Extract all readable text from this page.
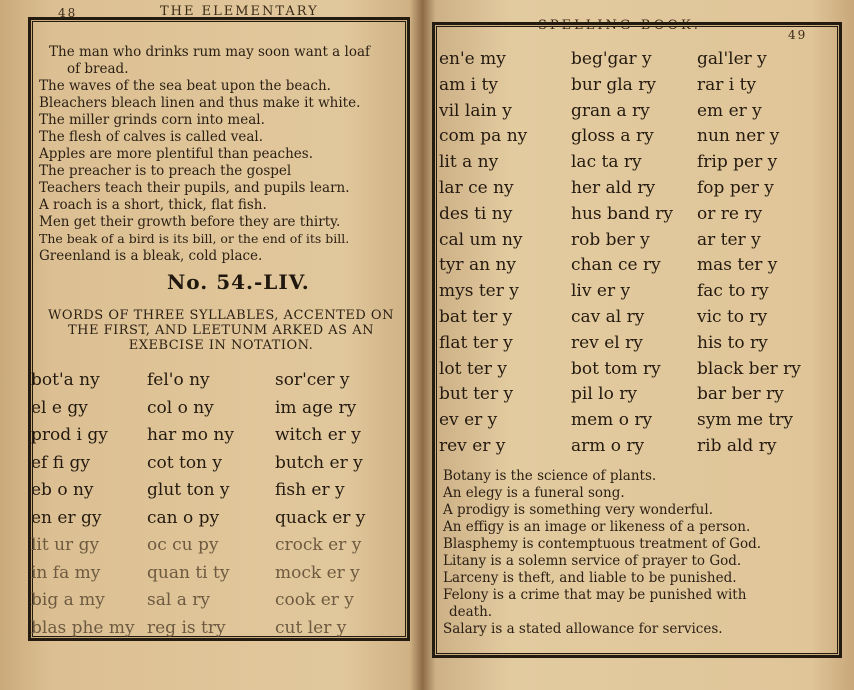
48	THE ELEMENTARY
The man who drinks rum may soon want a loaf
of bread.
The waves of the sea beat upon the beach.
Bleachers bleach linen and thus make it white.
The miller grinds corn into meal.
The flesh of calves is called veal.
Apples are more plentiful than peaches.
The preacher is to preach the gospel
Teachers teach their pupils, and pupils learn.
A roach is a short, thick, flat fish.
Men get their growth before they are thirty.
The beak of a bird is its bill, or the end of its bill.
Greenland is a bleak, cold place.
No. 54.-LIV.
WORDS OF THREE SYLLABLES, ACCENTED ON THE FIRST, AND LEETUNM ARKED AS AN EXEBCISE IN NOTATION.
bot'a ny
el e gy
prod i gy
ef fi gy
eb o ny
en er gy
lit ur gy
in fa my
big a my
blas phe my
fel'o ny
col o ny
har mo ny
cot ton y
glut ton y
can o py
oc cu py
quan ti ty
sal a ry
reg is try
sor'cer y
im age ry
witch er y
butch er y
fish er y
quack er y
crock er y
mock er y
cook er y
cut ler y
SPELLING-BOOK.
49
en'e my
am i ty
vil lain y
com pa ny
lit a ny
lar ce ny
des ti ny
cal um ny
tyr an ny
mys ter y
bat ter y
flat ter y
lot ter y
but ter y
ev er y
rev er y
beg'gar y
bur gla ry
gran a ry
gloss a ry
lac ta ry
her ald ry
hus band ry
rob ber y
chan ce ry
liv er y
cav al ry
rev el ry
bot tom ry
pil lo ry
mem o ry
arm o ry
gal'ler y
rar i ty
em er y
nun ner y
frip per y
fop per y
or re ry
ar ter y
mas ter y
fac to ry
vic to ry
his to ry
black ber ry
bar ber ry
sym me try
rib ald ry
Botany is the science of plants.
An elegy is a funeral song.
A prodigy is something very wonderful.
An effigy is an image or likeness of a person.
Blasphemy is contemptuous treatment of God.
Litany is a solemn service of prayer to God.
Larceny is theft, and liable to be punished.
Felony is a crime that may be punished with
death.
Salary is a stated allowance for services.
